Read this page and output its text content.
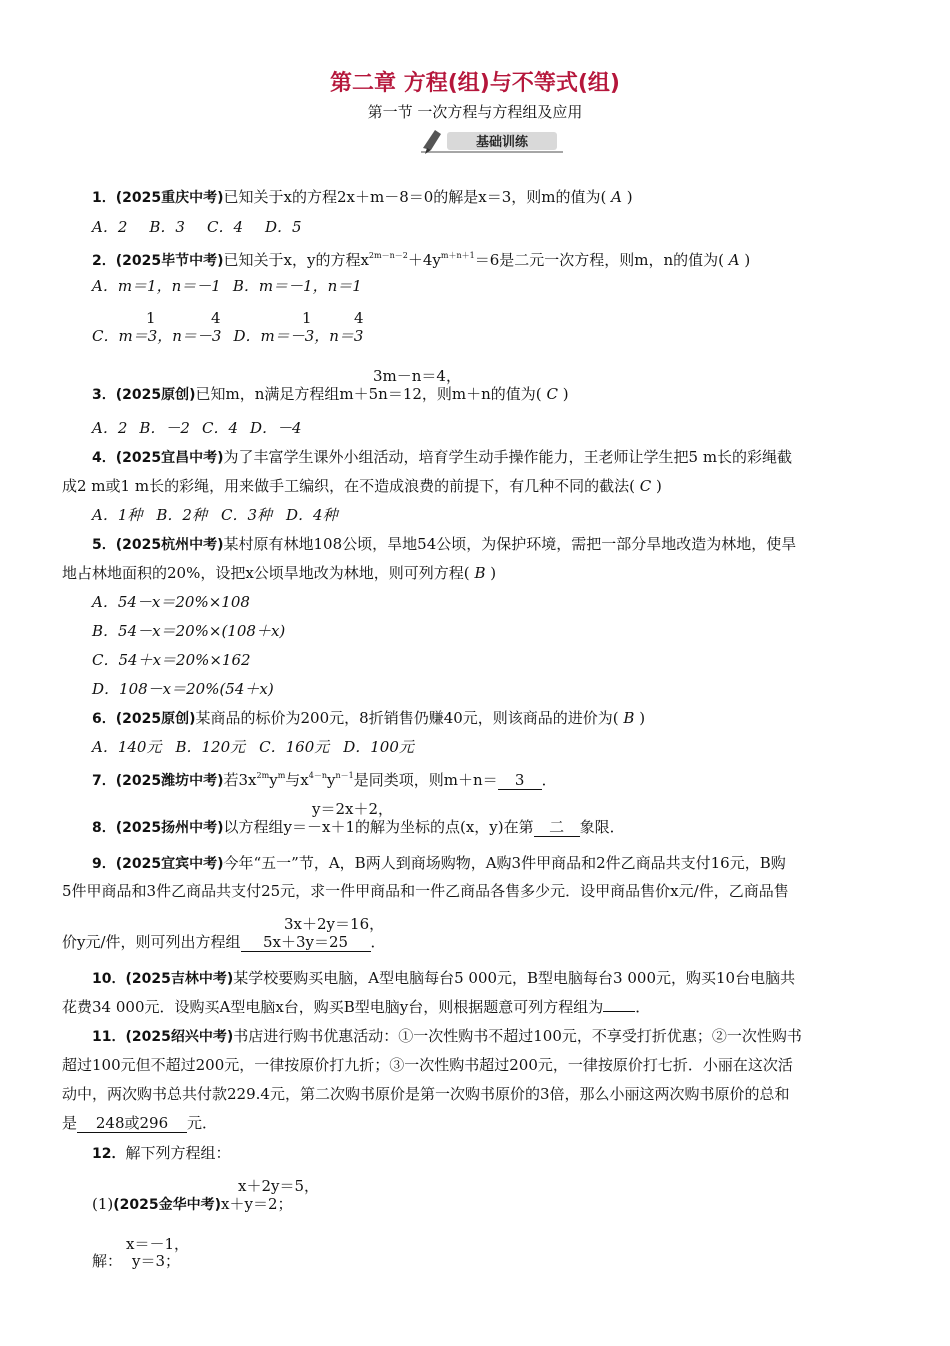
第二章 方程(组)与不等式(组)
第一节 一次方程与方程组及应用
基础训练
1．(2025重庆中考)已知关于x的方程2x＋m－8＝0的解是x＝3，则m的值为( A )
A．2 B．3 C．4 D．5
2．(2025毕节中考)已知关于x，y的方程$x^{2m-n-2}+4y^{m+n+1}=6$是二元一次方程，则m，n的值为( A )
A．m＝1，n＝－1 B．m＝－1，n＝1
1	4	1	4
C．m＝3，n＝－3 D．m＝－3，n＝3
3m－n＝4，
3．(2025原创)已知m，n满足方程组m＋5n＝12，则m＋n的值为( C )
A．2 B．－2 C．4 D．－4
4．(2025宜昌中考)为了丰富学生课外小组活动，培育学生动手操作能力，王老师让学生把5 m长的彩绳截
成2 m或1 m长的彩绳，用来做手工编织，在不造成浪费的前提下，有几种不同的截法( C )
A．1种 B．2种 C．3种 D．4种
5．(2025杭州中考)某村原有林地108公顷，旱地54公顷，为保护环境，需把一部分旱地改造为林地，使旱
地占林地面积的20%，设把x公顷旱地改为林地，则可列方程( B )
A．54－x＝20%×108
B．54－x＝20%×(108＋x)
C．54＋x＝20%×162
D．108－x＝20%(54＋x)
6．(2025原创)某商品的标价为200元，8折销售仍赚40元，则该商品的进价为( B )
A．140元 B．120元 C．160元 D．100元
7．(2025潍坊中考)若$3x^{2m}y^m$与$x^{4-n}y^{n-1}$是同类项，则m＋n＝ 3 ．
y＝2x＋2，
8．(2025扬州中考)以方程组y＝－x＋1的解为坐标的点(x，y)在第 二 象限．
9．(2025宜宾中考)今年“五一”节，A，B两人到商场购物，A购3件甲商品和2件乙商品共支付16元，B购
5件甲商品和3件乙商品共支付25元，求一件甲商品和一件乙商品各售多少元．设甲商品售价x元/件，乙商品售
3x＋2y＝16，
价y元/件，则可列出方程组 5x＋3y＝25 ．
10．(2025吉林中考)某学校要购买电脑，A型电脑每台5 000元，B型电脑每台3 000元，购买10台电脑共
花费34 000元．设购买A型电脑x台，购买B型电脑y台，则根据题意可列方程组为 ．
11．(2025绍兴中考)书店进行购书优惠活动：①一次性购书不超过100元，不享受打折优惠；②一次性购书
超过100元但不超过200元，一律按原价打九折；③一次性购书超过200元，一律按原价打七折．小丽在这次活
动中，两次购书总共付款229.4元，第二次购书原价是第一次购书原价的3倍，那么小丽这两次购书原价的总和
是 248或296 元．
12．解下列方程组：
x＋2y＝5，
(1)(2025金华中考)x＋y＝2；
x＝－1，
解： y＝3；
